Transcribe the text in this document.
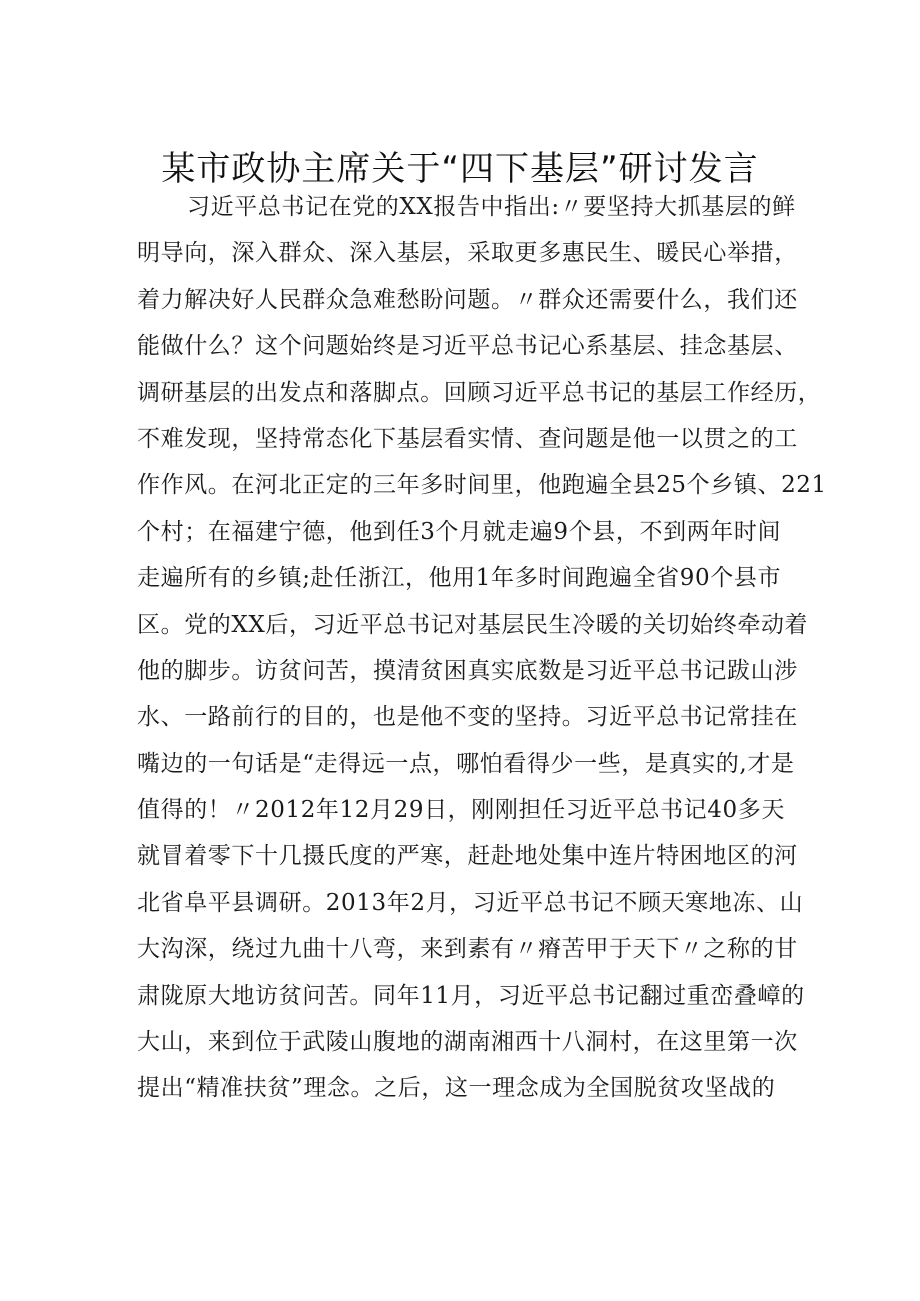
某市政协主席关于“四下基层”研讨发言
习近平总书记在党的XX报告中指出:〃要坚持大抓基层的鲜
明导向，深入群众、深入基层，采取更多惠民生、暖民心举措，
着力解决好人民群众急难愁盼问题。〃群众还需要什么，我们还
能做什么？这个问题始终是习近平总书记心系基层、挂念基层、
调研基层的出发点和落脚点。回顾习近平总书记的基层工作经历，
不难发现，坚持常态化下基层看实情、查问题是他一以贯之的工
作作风。在河北正定的三年多时间里，他跑遍全县25个乡镇、221
个村；在福建宁德，他到任3个月就走遍9个县，不到两年时间
走遍所有的乡镇;赴任浙江，他用1年多时间跑遍全省90个县市
区。党的XX后，习近平总书记对基层民生冷暖的关切始终牵动着
他的脚步。访贫问苦，摸清贫困真实底数是习近平总书记跋山涉
水、一路前行的目的，也是他不变的坚持。习近平总书记常挂在
嘴边的一句话是“走得远一点，哪怕看得少一些，是真实的,才是
值得的！〃2012年12月29日，刚刚担任习近平总书记40多天
就冒着零下十几摄氏度的严寒，赶赴地处集中连片特困地区的河
北省阜平县调研。2013年2月，习近平总书记不顾天寒地冻、山
大沟深，绕过九曲十八弯，来到素有〃瘠苦甲于天下〃之称的甘
肃陇原大地访贫问苦。同年11月，习近平总书记翻过重峦叠嶂的
大山，来到位于武陵山腹地的湖南湘西十八洞村，在这里第一次
提出“精准扶贫”理念。之后，这一理念成为全国脱贫攻坚战的
